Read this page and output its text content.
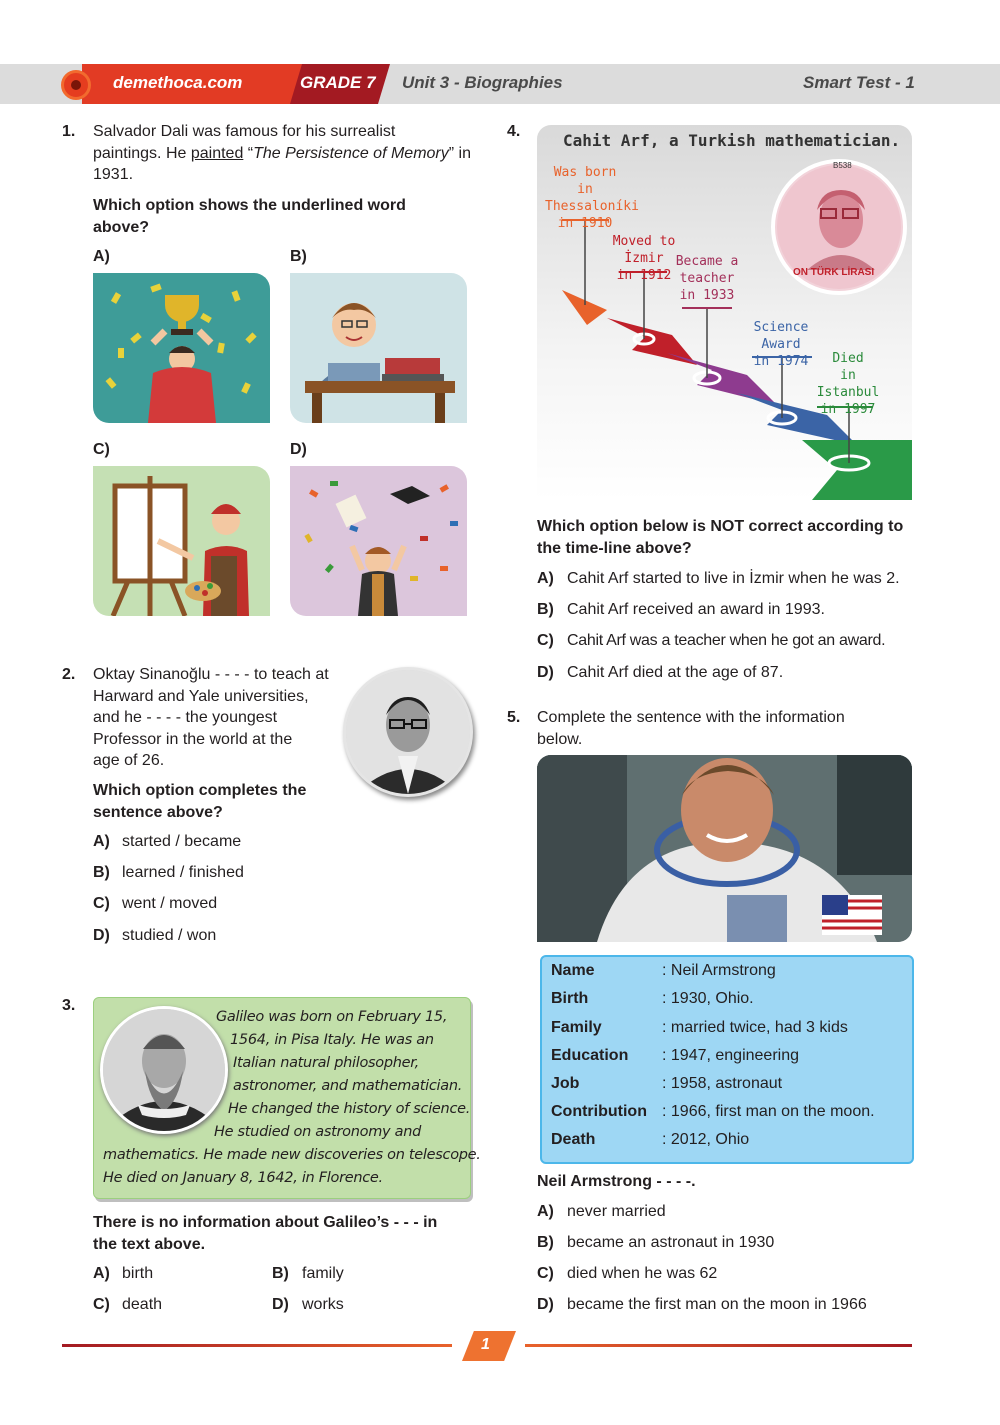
demethoca.com	GRADE 7 Unit 3 - Biographies	Smart Test - 1
1. Salvador Dali was famous for his surrealist
paintings. He painted “The Persistence of Memory” in
1931.
Which option shows the underlined word
above?
A)	B)
C)	D)
2. Oktay Sinanoğlu - - - - to teach at
Harward and Yale universities,
and he - - - - the youngest
Professor in the world at the
age of 26.
Which option completes the
sentence above?
A) started / became
B) learned / finished
C) went / moved
D) studied / won
3.
Galileo was born on February 15,
1564, in Pisa Italy. He was an
Italian natural philosopher,
astronomer, and mathematician.
He changed the history of science.
He studied on astronomy and
mathematics. He made new discoveries on telescope.
He died on January 8, 1642, in Florence.
There is no information about Galileo’s - - - in
the text above.
A) birth	B) family
C) death	D) works
4.	Cahit Arf, a Turkish mathematician.
B538
ON TÜRK LİRASI
Was born in
Thessaloníki
in 1910
Moved to İzmir
in 1912
Became a
teacher
in 1933
Science Award
in 1974	Died
in Istanbul
in 1997
Which option below is NOT correct according to
the time-line above?
A) Cahit Arf started to live in İzmir when he was 2.
B) Cahit Arf received an award in 1993.
C) Cahit Arf was a teacher when he got an award.
D) Cahit Arf died at the age of 87.
5. Complete the sentence with the information
below.
Name	: Neil Armstrong
Birth	: 1930, Ohio.
Family	: married twice, had 3 kids
Education : 1947, engineering
Job	: 1958, astronaut
Contribution : 1966, first man on the moon.
Death	: 2012, Ohio
Neil Armstrong - - - -.
A) never married
B) became an astronaut in 1930
C) died when he was 62
D) became the first man on the moon in 1966
1
